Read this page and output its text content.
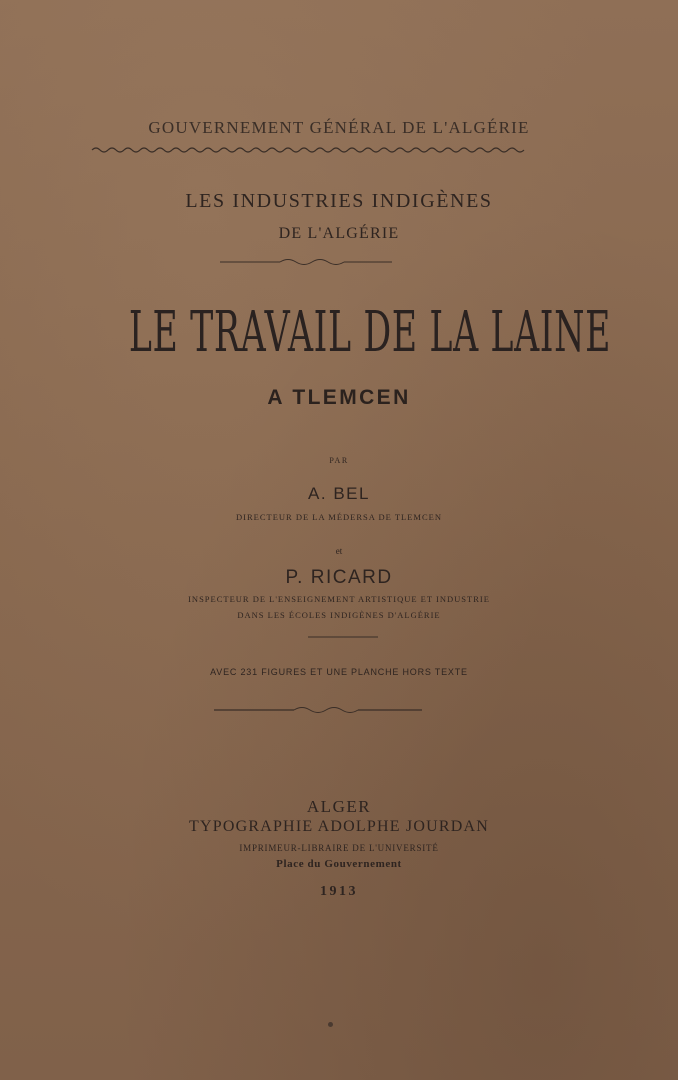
GOUVERNEMENT GÉNÉRAL DE L'ALGÉRIE
LES INDUSTRIES INDIGÈNES
DE L'ALGÉRIE
LE TRAVAIL DE LA LAINE
A TLEMCEN
PAR
A. BEL
DIRECTEUR DE LA MÉDERSA DE TLEMCEN
et
P. RICARD
INSPECTEUR DE L'ENSEIGNEMENT ARTISTIQUE ET INDUSTRIE
DANS LES ÉCOLES INDIGÈNES D'ALGÉRIE
AVEC 231 FIGURES ET UNE PLANCHE HORS TEXTE
ALGER
TYPOGRAPHIE ADOLPHE JOURDAN
IMPRIMEUR-LIBRAIRE DE L'UNIVERSITÉ
Place du Gouvernement
1913
